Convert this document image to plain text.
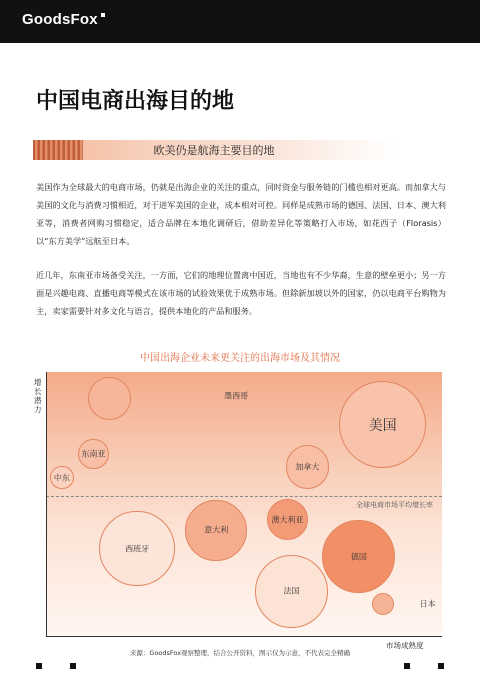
GoodsFox
中国电商出海目的地
欧美仍是航海主要目的地

美国作为全球最大的电商市场，仍就是出海企业的关注的重点，同时资金与服务链的门槛也相对更高。而加拿大与美国的文化与消费习惯相近，对于进军美国的企业，成本相对可控。同样是成熟市场的德国、法国、日本、澳大利亚等，消费者网购习惯稳定，适合品牌在本地化调研后，借助差异化等策略打入市场，如花西子（Florasis）以“东方美学”远航至日本。

近几年，东南亚市场备受关注，一方面，它们的地理位置离中国近，当地也有不少华裔，生意的壁垒更小；另一方面是兴趣电商、直播电商等模式在该市场的试验效果优于成熟市场。但除新加坡以外的国家，仍以电商平台购物为主，卖家需要针对多文化与语言，提供本地化的产品和服务。

中国出海企业未来更关注的出海市场及其情况
全球电商市场平均增长率
增长潜力
市场成熟度
来源：GoodsFox观察整理，结合公开资料，图示仅为示意，不代表完全精确
墨西哥
美国
东南亚
加拿大
中东
澳大利亚
意大利
西班牙
德国
法国
日本
